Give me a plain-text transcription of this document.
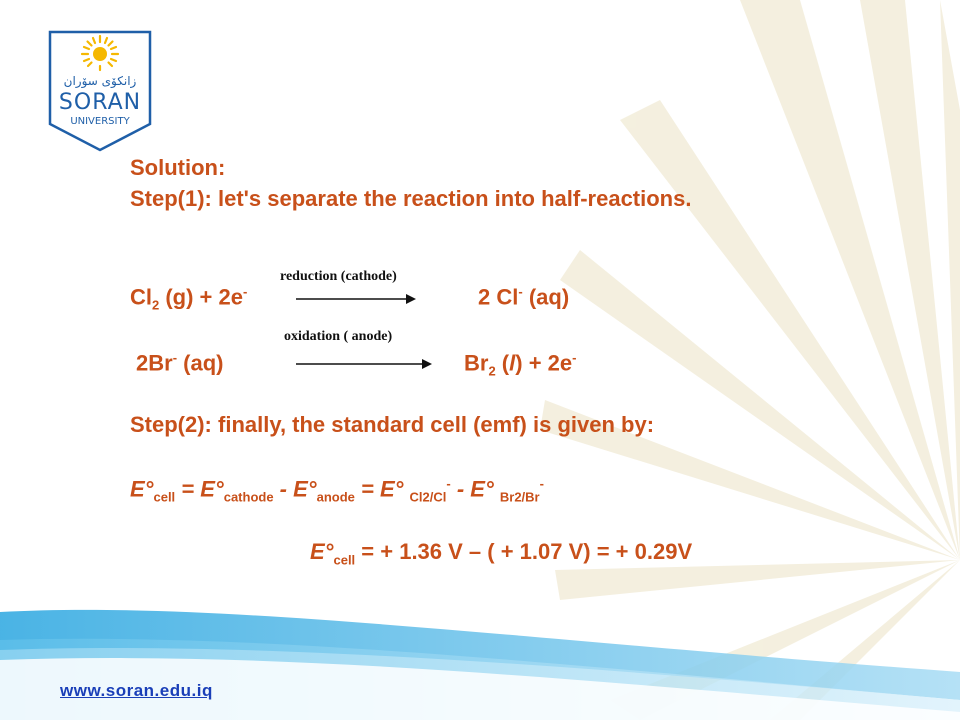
زانكۆى سۆران
SORAN
UNIVERSITY
Solution:
Step(1): let's separate the reaction into half-reactions.
$Cl_2$ (g) + 2e-
reduction (cathode)
2 Cl- (aq)
oxidation ( anode)
2Br- (aq)	$Br_2$ (l) + 2e-
Step(2): finally, the standard cell (emf) is given by:
$E^\circ_{cell} = E^\circ_{cathode} - E^\circ_{anode} = E^\circ$ $_{Cl2/Cl}$- - E° $_{Br2/Br}$-
$E^\circ_{cell}$ = + 1.36 V – ( + 1.07 V) = + 0.29V
www.soran.edu.iq
